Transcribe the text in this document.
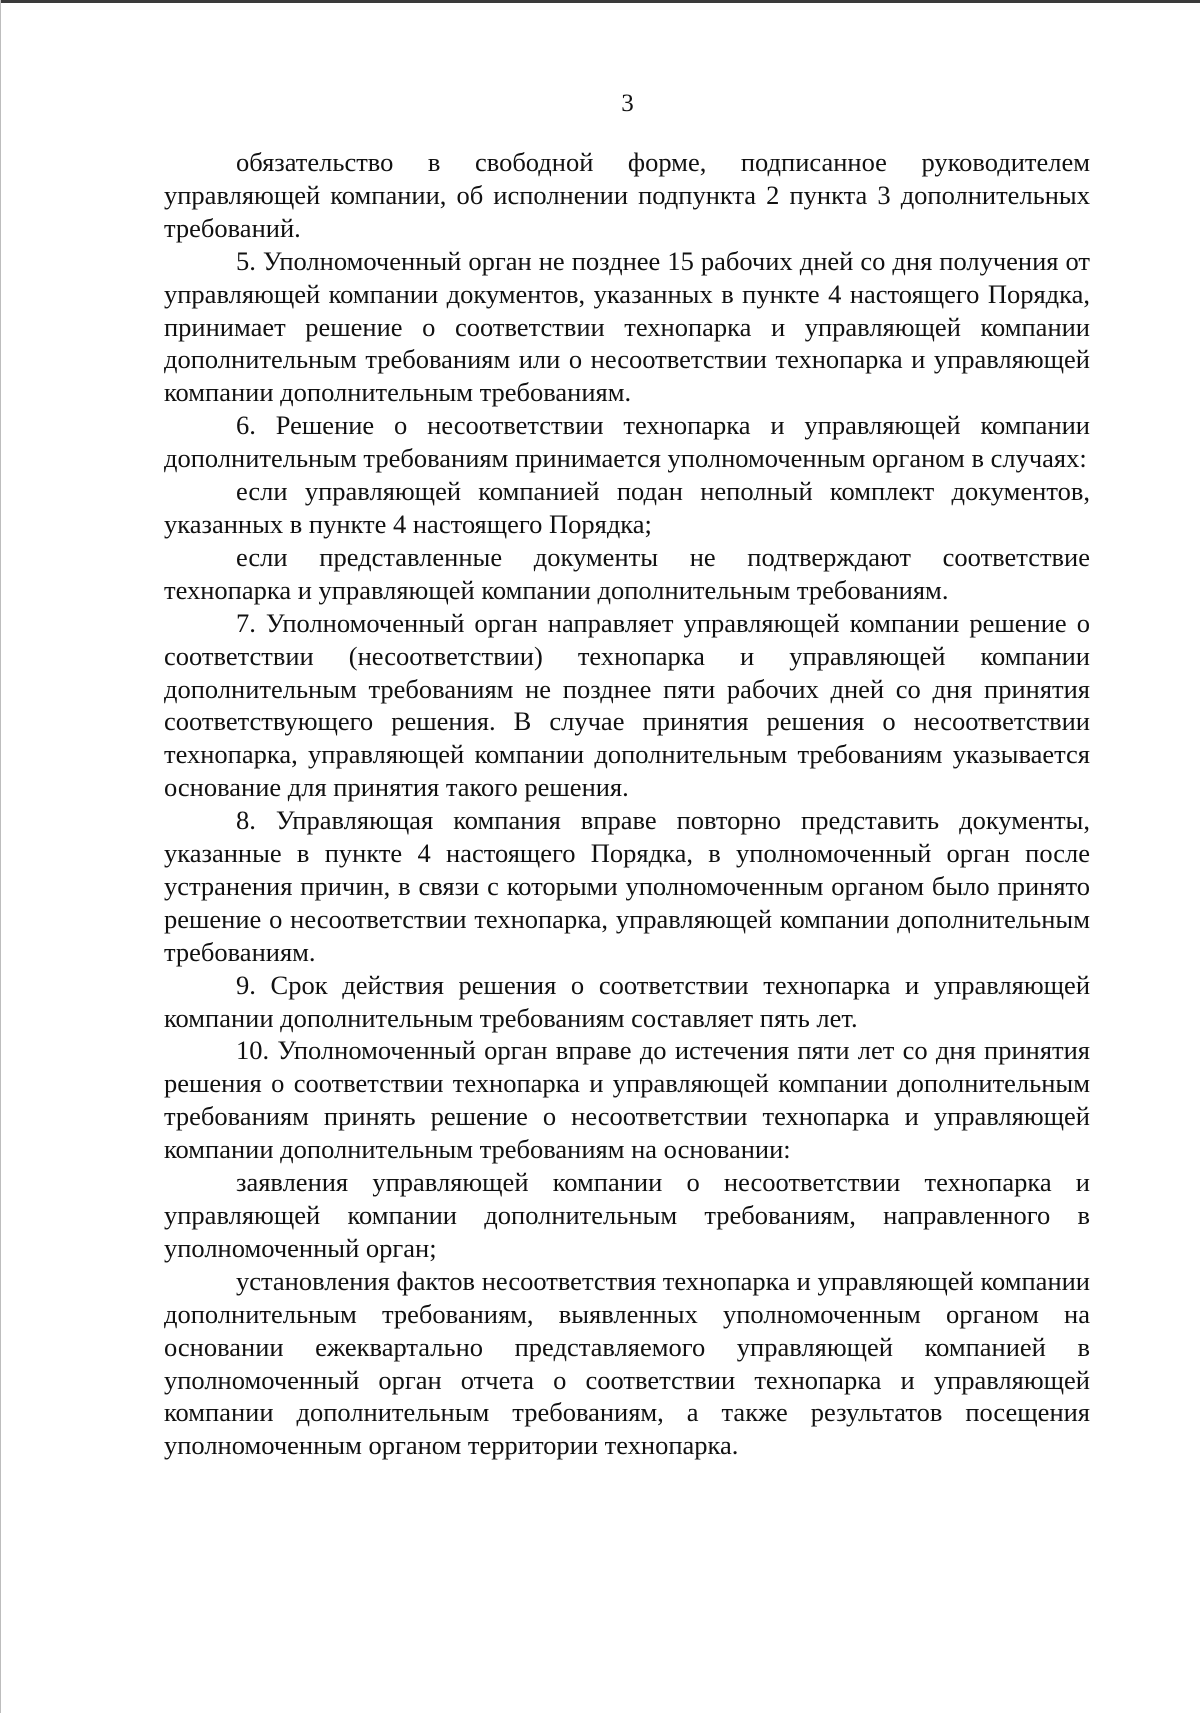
3

обязательство в свободной форме, подписанное руководителем управляющей компании, об исполнении подпункта 2 пункта 3 дополнительных требований.

5. Уполномоченный орган не позднее 15 рабочих дней со дня получения от управляющей компании документов, указанных в пункте 4 настоящего Порядка, принимает решение о соответствии технопарка и управляющей компании дополнительным требованиям или о несоответствии технопарка и управляющей компании дополнительным требованиям.

6. Решение о несоответствии технопарка и управляющей компании дополнительным требованиям принимается уполномоченным органом в случаях:

если управляющей компанией подан неполный комплект документов, указанных в пункте 4 настоящего Порядка;

если представленные документы не подтверждают соответствие технопарка и управляющей компании дополнительным требованиям.

7. Уполномоченный орган направляет управляющей компании решение о соответствии (несоответствии) технопарка и управляющей компании дополнительным требованиям не позднее пяти рабочих дней со дня принятия соответствующего решения. В случае принятия решения о несоответствии технопарка, управляющей компании дополнительным требованиям указывается основание для принятия такого решения.

8. Управляющая компания вправе повторно представить документы, указанные в пункте 4 настоящего Порядка, в уполномоченный орган после устранения причин, в связи с которыми уполномоченным органом было принято решение о несоответствии технопарка, управляющей компании дополнительным требованиям.

9. Срок действия решения о соответствии технопарка и управляющей компании дополнительным требованиям составляет пять лет.

10. Уполномоченный орган вправе до истечения пяти лет со дня принятия решения о соответствии технопарка и управляющей компании дополнительным требованиям принять решение о несоответствии технопарка и управляющей компании дополнительным требованиям на основании:

заявления управляющей компании о несоответствии технопарка и управляющей компании дополнительным требованиям, направленного в уполномоченный орган;

установления фактов несоответствия технопарка и управляющей компании дополнительным требованиям, выявленных уполномоченным органом на основании ежеквартально представляемого управляющей компанией в уполномоченный орган отчета о соответствии технопарка и управляющей компании дополнительным требованиям, а также результатов посещения уполномоченным органом территории технопарка.
